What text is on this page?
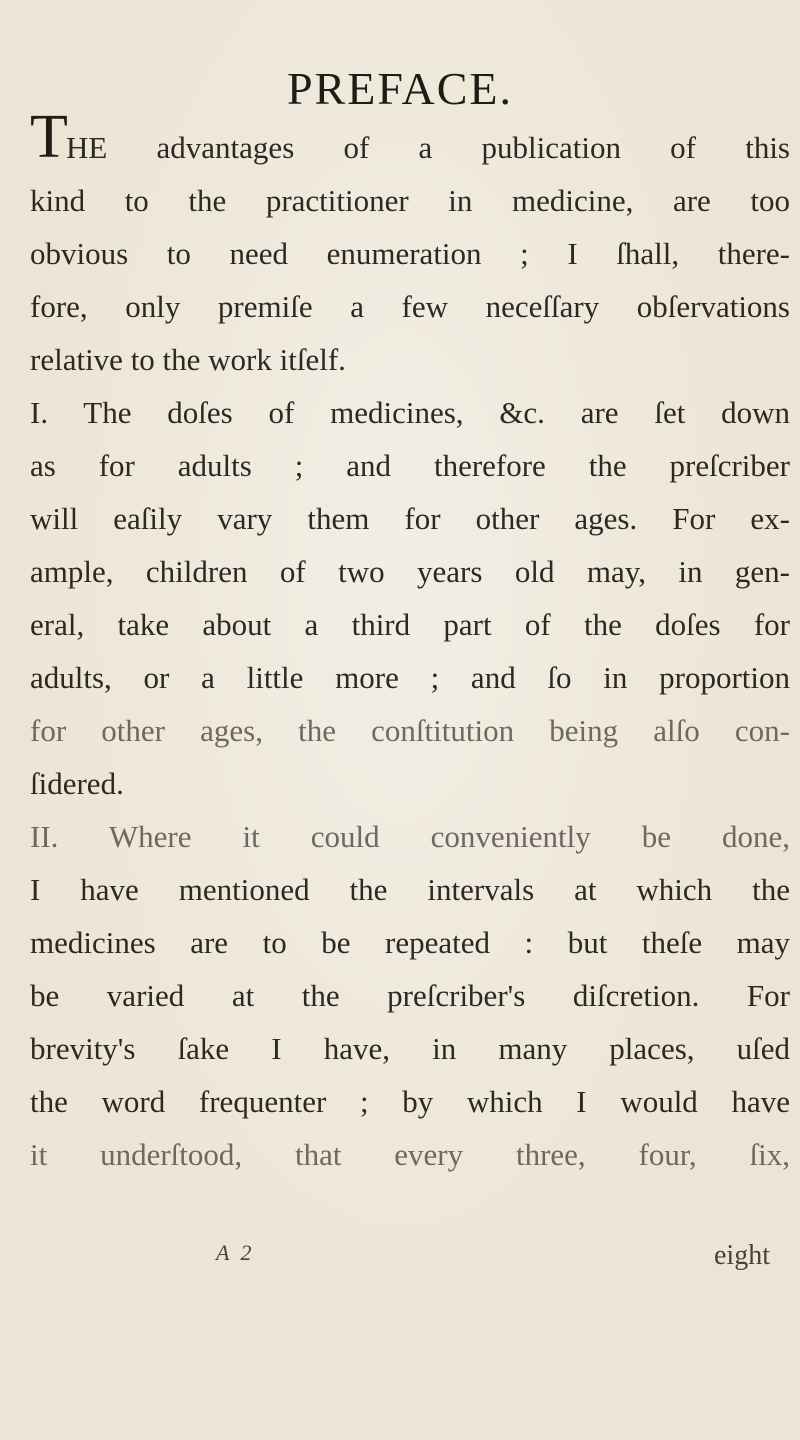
PREFACE.
T
HE advantages of a publication of this
kind to the practitioner in medicine, are too
obvious to need enumeration ; I ſhall, there-
fore, only premiſe a few neceſſary obſervations
relative to the work itſelf.
I. The doſes of medicines, &c. are ſet down
as for adults ; and therefore the preſcriber
will eaſily vary them for other ages. For ex-
ample, children of two years old may, in gen-
eral, take about a third part of the doſes for
adults, or a little more ; and ſo in proportion
for other ages, the conſtitution being alſo con-
ſidered.
II. Where it could conveniently be done,
I have mentioned the intervals at which the
medicines are to be repeated : but theſe may
be varied at the preſcriber's diſcretion. For
brevity's ſake I have, in many places, uſed
the word frequenter ; by which I would have
it underſtood, that every three, four, ſix,
A 2	eight
